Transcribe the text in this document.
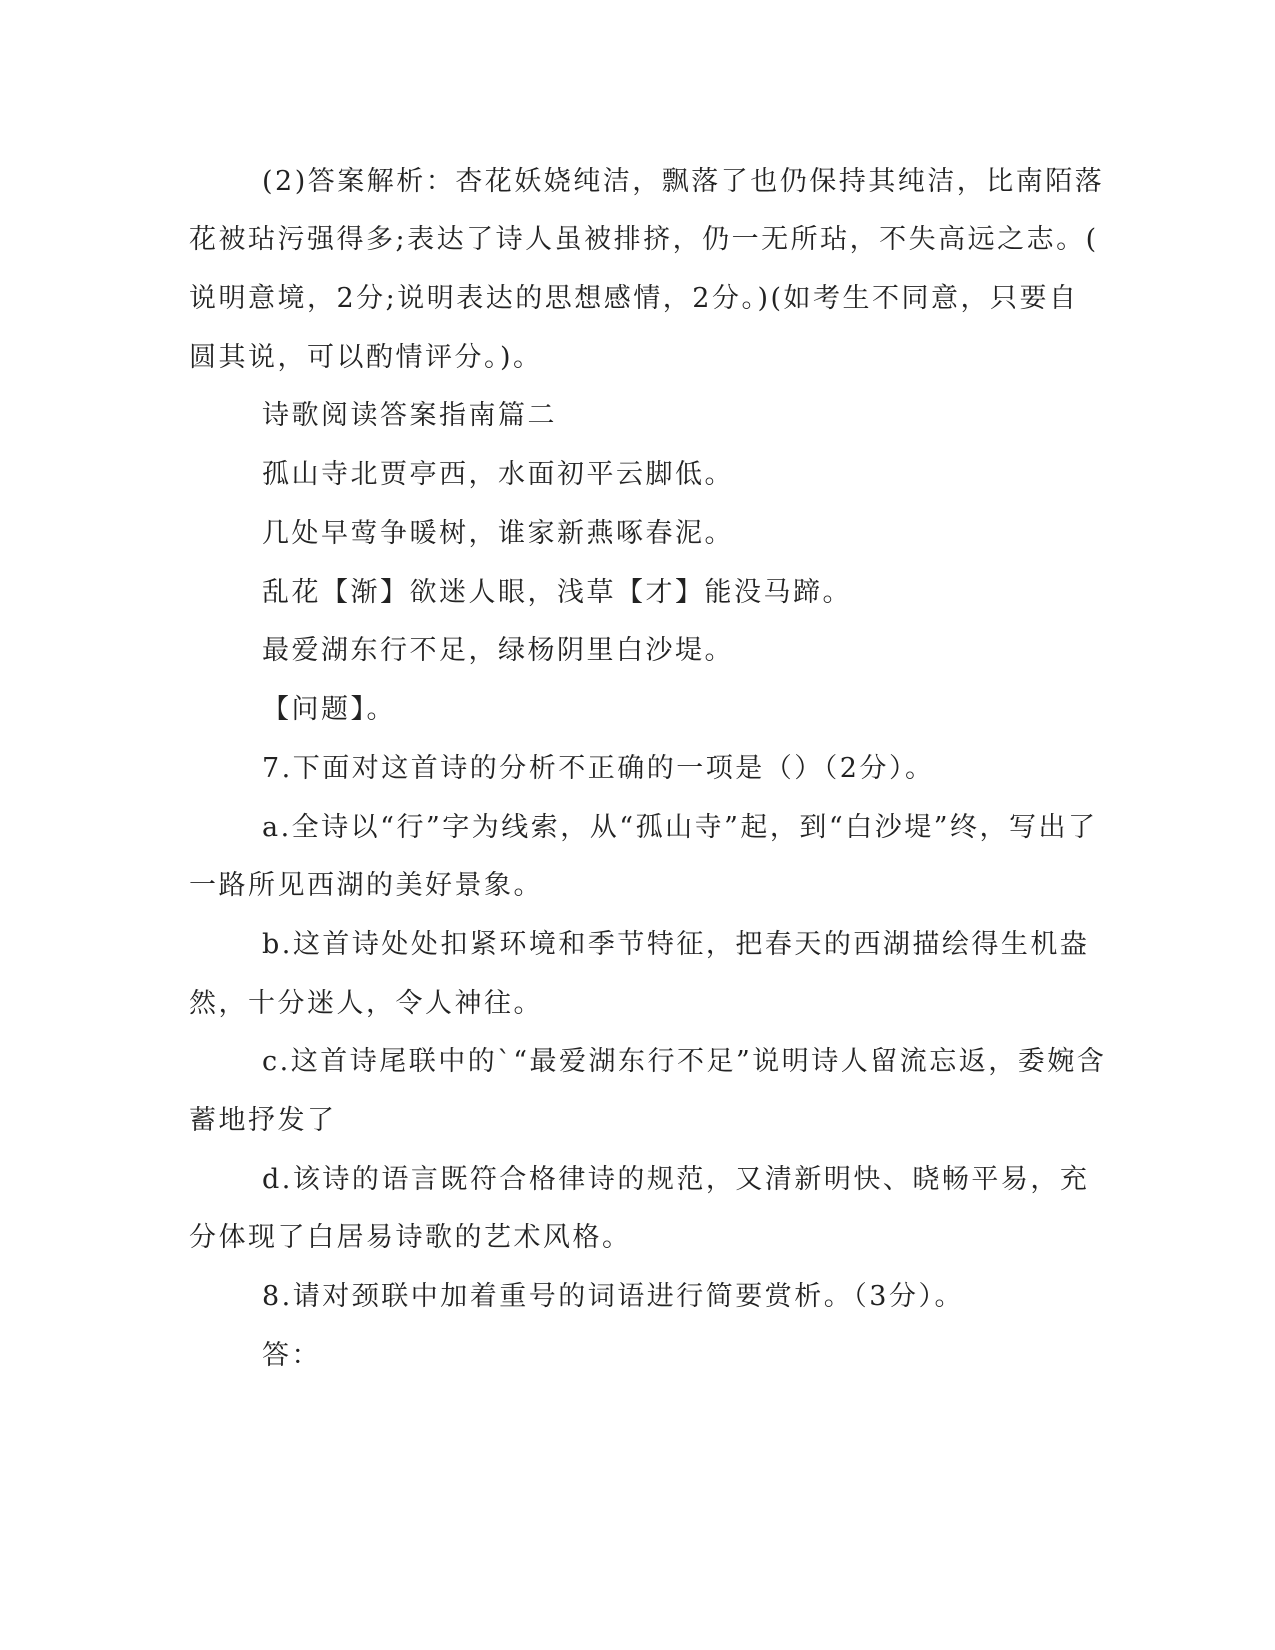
(2)答案解析：杏花妖娆纯洁，飘落了也仍保持其纯洁，比南陌落
花被玷污强得多;表达了诗人虽被排挤，仍一无所玷，不失高远之志。(
说明意境，2分;说明表达的思想感情，2分。)(如考生不同意，只要自
圆其说，可以酌情评分。)。
诗歌阅读答案指南篇二
孤山寺北贾亭西，水面初平云脚低。
几处早莺争暖树，谁家新燕啄春泥。
乱花【渐】欲迷人眼，浅草【才】能没马蹄。
最爱湖东行不足，绿杨阴里白沙堤。
【问题】。
7.下面对这首诗的分析不正确的一项是（）（2分）。
a.全诗以“行”字为线索，从“孤山寺”起，到“白沙堤”终，写出了
一路所见西湖的美好景象。
b.这首诗处处扣紧环境和季节特征，把春天的西湖描绘得生机盎
然，十分迷人，令人神往。
c.这首诗尾联中的`“最爱湖东行不足”说明诗人留流忘返，委婉含
蓄地抒发了
d.该诗的语言既符合格律诗的规范，又清新明快、晓畅平易，充
分体现了白居易诗歌的艺术风格。
8.请对颈联中加着重号的词语进行简要赏析。（3分）。
答：
